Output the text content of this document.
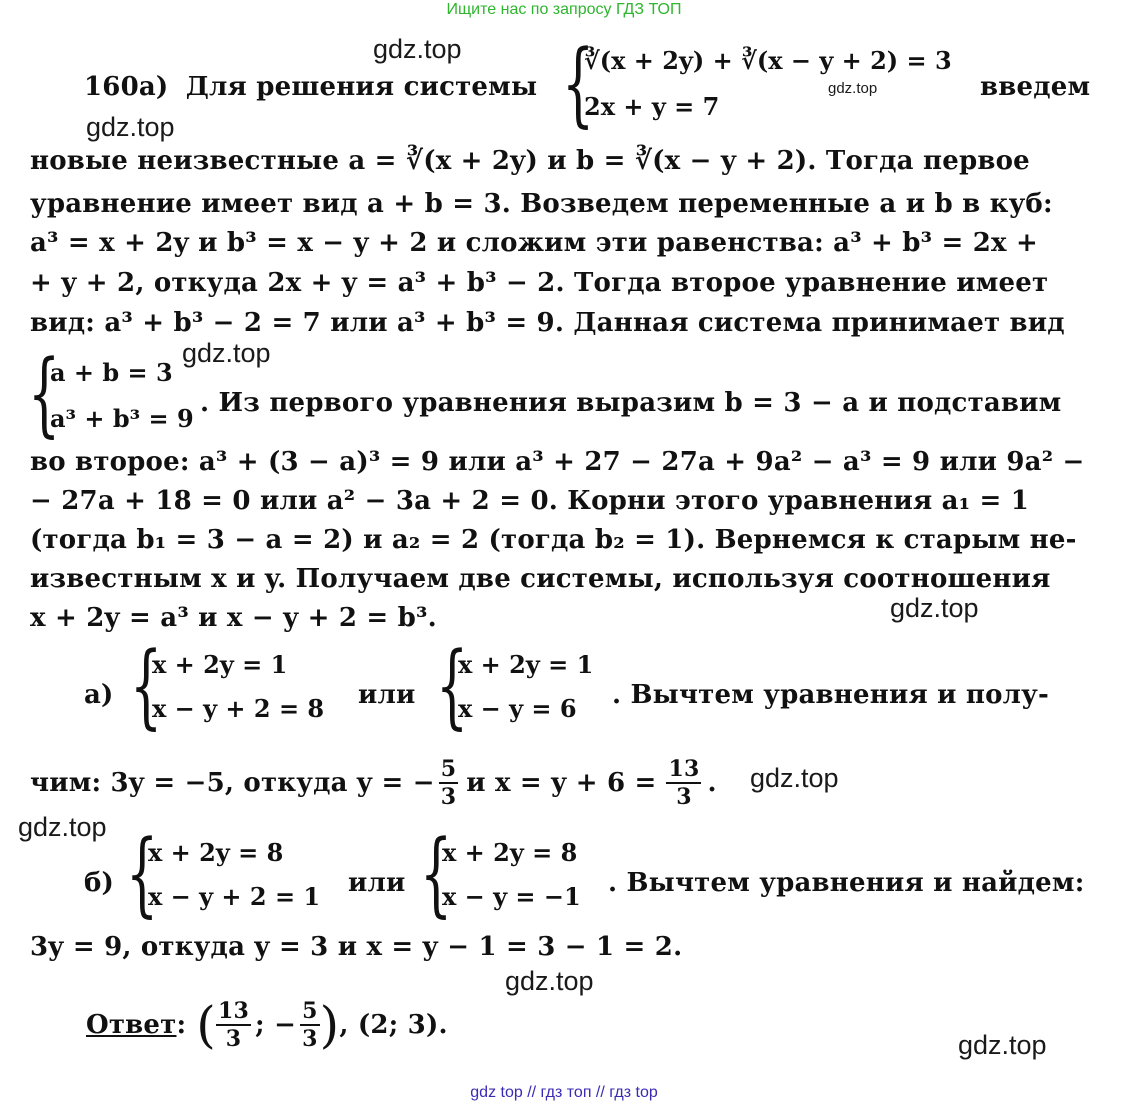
Ищите нас по запросу ГДЗ ТОП
gdz.top
gdz.top
gdz.top
gdz.top
gdz.top
gdz.top
gdz.top
gdz.top
gdz.top
160а) Для решения системы {
∛(x + 2y) + ∛(x − y + 2) = 3
2x + y = 7
введем
новые неизвестные a = ∛(x + 2y) и b = ∛(x − y + 2). Тогда первое
уравнение имеет вид a + b = 3. Возведем переменные a и b в куб:
a³ = x + 2y и b³ = x − y + 2 и сложим эти равенства: a³ + b³ = 2x +
+ y + 2, откуда 2x + y = a³ + b³ − 2. Тогда второе уравнение имеет
вид: a³ + b³ − 2 = 7 или a³ + b³ = 9. Данная система принимает вид
{
a + b = 3
a³ + b³ = 9
. Из первого уравнения выразим b = 3 − a и подставим
во второе: a³ + (3 − a)³ = 9 или a³ + 27 − 27a + 9a² − a³ = 9 или 9a² −
− 27a + 18 = 0 или a² − 3a + 2 = 0. Корни этого уравнения a₁ = 1
(тогда b₁ = 3 − a = 2) и a₂ = 2 (тогда b₂ = 1). Вернемся к старым не-
известным x и y. Получаем две системы, используя соотношения
x + 2y = a³ и x − y + 2 = b³.
а) {
x + 2y = 1
x − y + 2 = 8 или {
x + 2y = 1
x − y = 6 . Вычтем уравнения и полу-
чим: 3y = −5, откуда y = − $\frac{5}{3}$ и $x = y + 6 = \frac{13}{3}$ .
б) {
x + 2y = 8
x − y + 2 = 1 или {
x + 2y = 8
x − y = −1 . Вычтем уравнения и найдем:
3y = 9, откуда y = 3 и x = y − 1 = 3 − 1 = 2.
Ответ : ( $\frac{13}{3}$ ; − $\frac{5}{3}$ ) , (2; 3).
gdz top // гдз топ // гдз top
